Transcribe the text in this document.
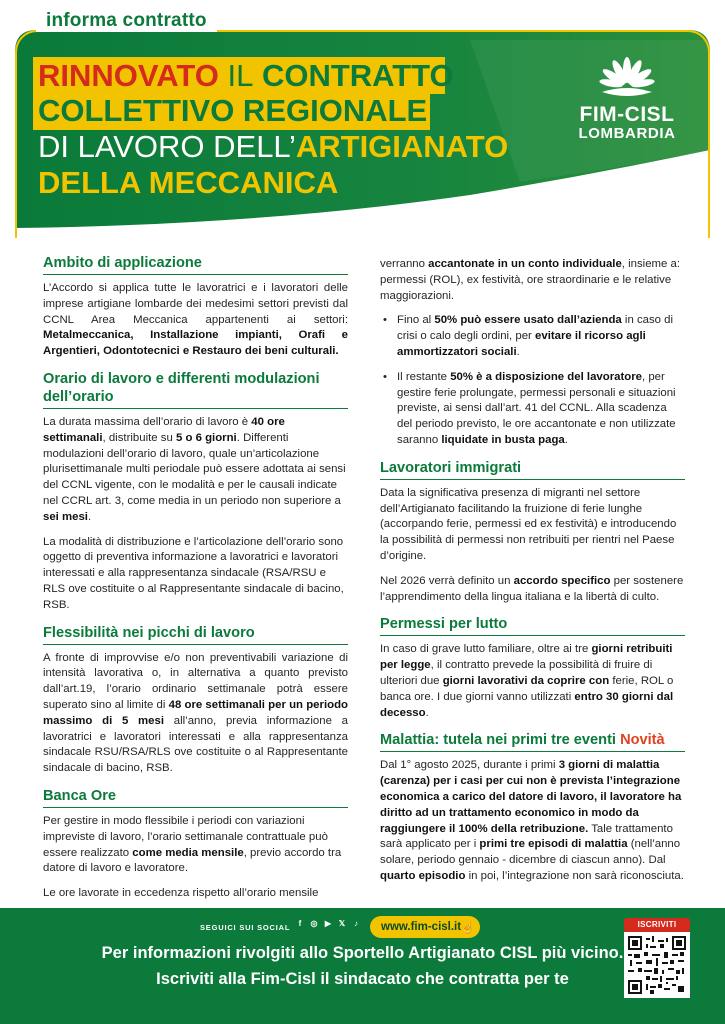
informa contratto
RINNOVATO IL CONTRATTO
COLLETTIVO REGIONALE
DI LAVORO DELL’ARTIGIANATO
DELLA MECCANICA
FIM-CISL
LOMBARDIA
Ambito di applicazione

L’Accordo si applica tutte le lavoratrici e i lavoratori delle imprese artigiane lombarde dei medesimi settori previsti dal CCNL Area Meccanica appartenenti ai settori: Metalmeccanica, Installazione impianti, Orafi e Argentieri, Odontotecnici e Restauro dei beni culturali.

Orario di lavoro e differenti modulazioni dell’orario

La durata massima dell’orario di lavoro è 40 ore settimanali, distribuite su 5 o 6 giorni. Differenti modulazioni dell’orario di lavoro, quale un’articolazione plurisettimanale multi periodale può essere adottata ai sensi del CCNL vigente, con le modalità e per le causali indicate nel CCRL art. 3, come media in un periodo non superiore a sei mesi.

La modalità di distribuzione e l’articolazione dell’orario sono oggetto di preventiva informazione a lavoratrici e lavoratori interessati e alla rappresentanza sindacale (RSA/RSU e RLS ove costituite o al Rappresentante sindacale di bacino, RSB.

Flessibilità nei picchi di lavoro

A fronte di improvvise e/o non preventivabili variazione di intensità lavorativa o, in alternativa a quanto previsto dall’art.19, l’orario ordinario settimanale potrà essere superato sino al limite di 48 ore settimanali per un periodo massimo di 5 mesi all’anno, previa informazione a lavoratrici e lavoratori interessati e alla rappresentanza sindacale RSU/RSA/RLS ove costituite o al Rappresentante sindacale di bacino, RSB.

Banca Ore

Per gestire in modo flessibile i periodi con variazioni impreviste di lavoro, l’orario settimanale contrattuale può essere realizzato come media mensile, previo accordo tra datore di lavoro e lavoratore.

Le ore lavorate in eccedenza rispetto all’orario mensile

verranno accantonate in un conto individuale, insieme a: permessi (ROL), ex festività, ore straordinarie e le relative maggiorazioni.

• Fino al 50% può essere usato dall’azienda in caso di crisi o calo degli ordini, per evitare il ricorso agli ammortizzatori sociali.
• Il restante 50% è a disposizione del lavoratore, per gestire ferie prolungate, permessi personali e situazioni previste, ai sensi dall’art. 41 del CCNL. Alla scadenza del periodo previsto, le ore accantonate e non utilizzate saranno liquidate in busta paga.
Lavoratori immigrati

Data la significativa presenza di migranti nel settore dell’Artigianato facilitando la fruizione di ferie lunghe (accorpando ferie, permessi ed ex festività) e introducendo la possibilità di permessi non retribuiti per rientri nel Paese d’origine.

Nel 2026 verrà definito un accordo specifico per sostenere l’apprendimento della lingua italiana e la libertà di culto.

Permessi per lutto

In caso di grave lutto familiare, oltre ai tre giorni retribuiti per legge, il contratto prevede la possibilità di fruire di ulteriori due giorni lavorativi da coprire con ferie, ROL o banca ore. I due giorni vanno utilizzati entro 30 giorni dal decesso.

Malattia: tutela nei primi tre eventi Novità

Dal 1° agosto 2025, durante i primi 3 giorni di malattia (carenza) per i casi per cui non è prevista l’integrazione economica a carico del datore di lavoro, il lavoratore ha diritto ad un trattamento economico in modo da raggiungere il 100% della retribuzione. Tale trattamento sarà applicato per i primi tre episodi di malattia (nell’anno solare, periodo gennaio - dicembre di ciascun anno). Dal quarto episodio in poi, l’integrazione non sarà riconosciuta.

SEGUICI SUI SOCIAL	f	◎ ▶ 𝕏	♪	www.fim-cisl.it
☝
Per informazioni rivolgiti allo Sportello Artigianato CISL più vicino.
Iscriviti alla Fim-Cisl il sindacato che contratta per te
ISCRIVITI
